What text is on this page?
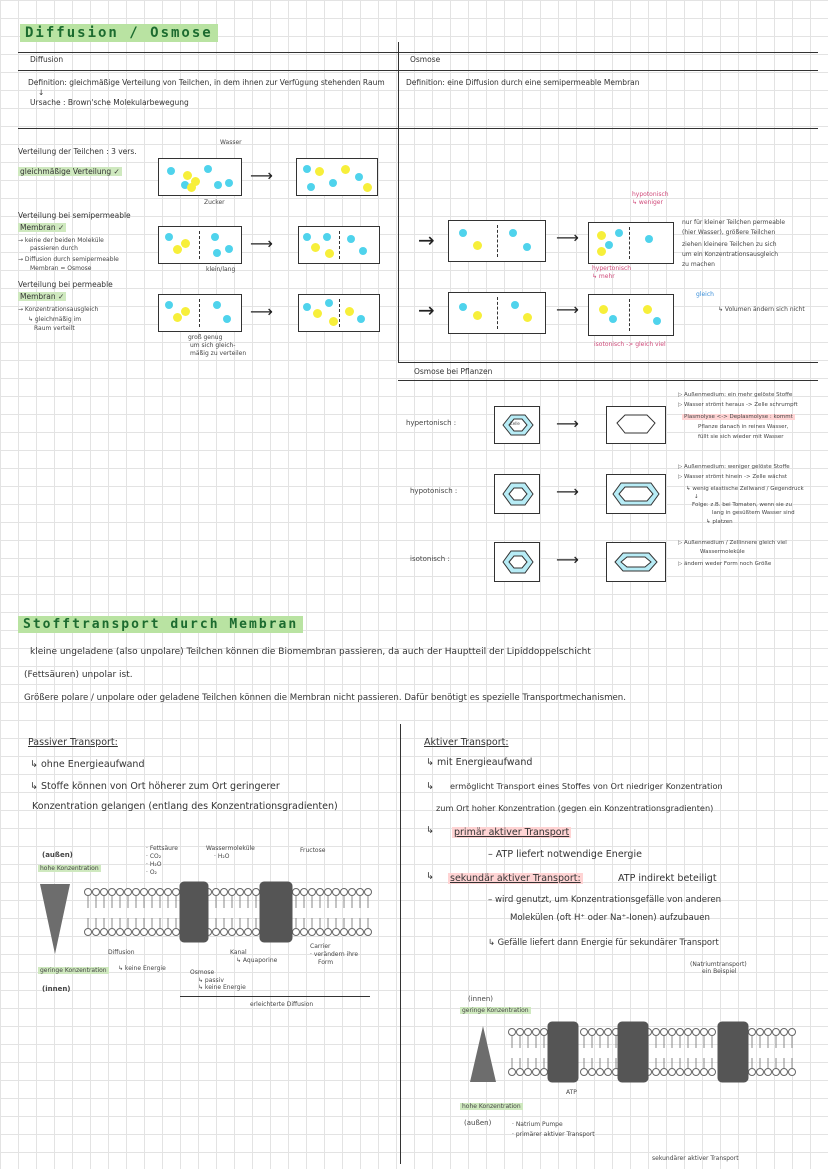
Diffusion / Osmose
Diffusion	Osmose
Definition: gleichmäßige Verteilung von Teilchen, in dem ihnen zur Verfügung stehenden Raum
↓
Ursache : Brown'sche Molekularbewegung
Definition: eine Diffusion durch eine semipermeable Membran
Verteilung der Teilchen : 3 vers.
gleichmäßige Verteilung ✓
Verteilung bei semipermeable
Membran ✓
→ keine der beiden Moleküle
passieren durch
→ Diffusion durch semipermeable
Membran = Osmose
Verteilung bei permeable
Membran ✓
→ Konzentrationsausgleich
↳ gleichmäßig im
Raum verteilt
Wasser
Zucker
⟶
klein/lang
⟶
groß genug
um sich gleich-
mäßig zu verteilen
⟶
→
hypotonisch
↳ weniger
⟶
hypertonisch
↳ mehr
nur für kleiner Teilchen permeable
(hier Wasser), größere Teilchen
ziehen kleinere Teilchen zu sich
um ein Konzentrationsausgleich
zu machen
→	⟶
gleich
↳ Volumen ändern sich nicht
isotonisch -> gleich viel
Osmose bei Pflanzen
hypertonisch :	Zelle ⟶
▷ Außenmedium: ein mehr gelöste Stoffe
▷ Wasser strömt heraus -> Zelle schrumpft
Plasmolyse <-> Deplasmolyse : kommt
Pflanze danach in reines Wasser,
füllt sie sich wieder mit Wasser
hypotonisch :	⟶
▷ Außenmedium: weniger gelöste Stoffe
▷ Wasser strömt hinein -> Zelle wächst
↳ wenig elastische Zellwand / Gegendruck
↓
Folge: z.B. bei Tomaten, wenn sie zu
lang in gesüßtem Wasser sind
↳ platzen
isotonisch :	⟶
▷ Außenmedium / Zellinnere gleich viel
Wassermoleküle
▷ ändern weder Form noch Größe
Stofftransport durch Membran
kleine ungeladene (also unpolare) Teilchen können die Biomembran passieren, da auch der Hauptteil der Lipiddoppelschicht
(Fettsäuren) unpolar ist.
Größere polare / unpolare oder geladene Teilchen können die Membran nicht passieren. Dafür benötigt es spezielle Transportmechanismen.
Passiver Transport:
↳ ohne Energieaufwand
↳ Stoffe können von Ort höherer zum Ort geringerer
Konzentration gelangen (entlang des Konzentrationsgradienten)
(außen)
hohe Konzentration
geringe Konzentration
(innen)
· Fettsäure
· CO₂
· H₂O
· O₂
Wassermoleküle
· H₂O
Fructose
Diffusion
↳ keine Energie
Kanal
↳ Aquaporine
Osmose
↳ passiv
↳ keine Energie
Carrier
· verändern ihre
Form
erleichterte Diffusion
Aktiver Transport:
↳ mit Energieaufwand
↳ ermöglicht Transport eines Stoffes von Ort niedriger Konzentration
zum Ort hoher Konzentration (gegen ein Konzentrationsgradienten)
↳ primär aktiver Transport
– ATP liefert notwendige Energie
↳ sekundär aktiver Transport:	ATP indirekt beteiligt
– wird genutzt, um Konzentrationsgefälle von anderen
Molekülen (oft H⁺ oder Na⁺-Ionen) aufzubauen
↳ Gefälle liefert dann Energie für sekundärer Transport
(Natriumtransport)
ein Beispiel
(innen)
geringe Konzentration
ATP
hohe Konzentration
(außen)	· Natrium Pumpe
· primärer aktiver Transport
sekundärer aktiver Transport
